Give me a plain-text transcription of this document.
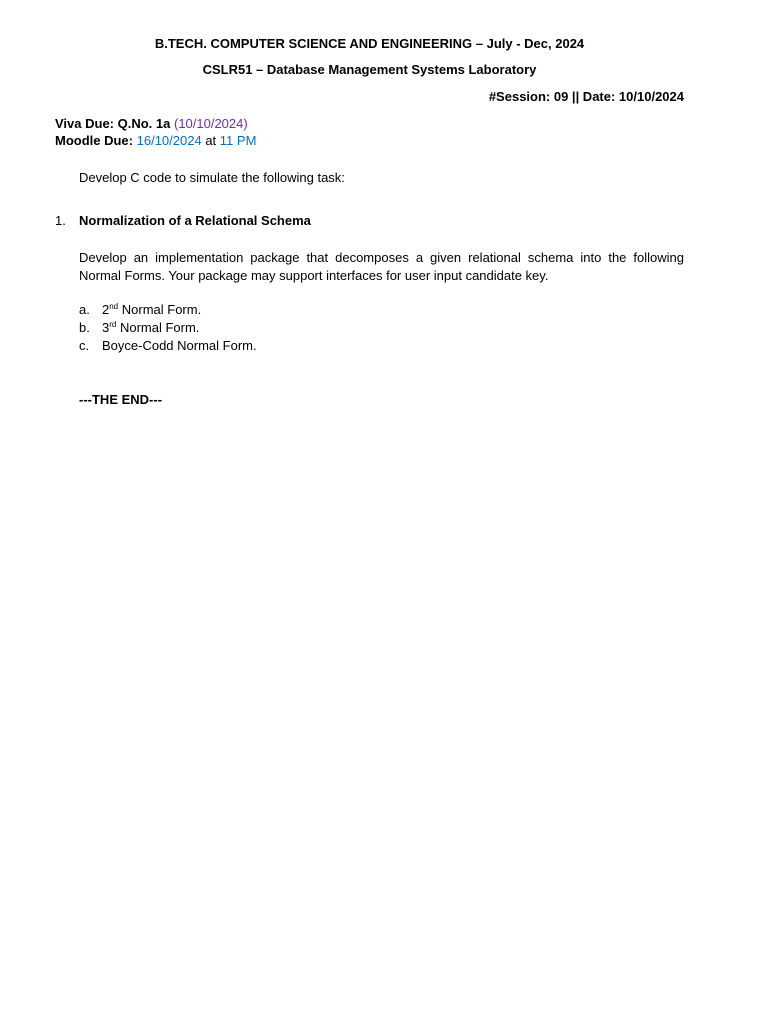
B.TECH. COMPUTER SCIENCE AND ENGINEERING – July - Dec, 2024
CSLR51 – Database Management Systems Laboratory
#Session: 09 || Date: 10/10/2024
Viva Due: Q.No. 1a (10/10/2024)
Moodle Due: 16/10/2024 at 11 PM
Develop C code to simulate the following task:
1. Normalization of a Relational Schema
Develop an implementation package that decomposes a given relational schema into the following Normal Forms. Your package may support interfaces for user input candidate key.
a. 2nd Normal Form.
b. 3rd Normal Form.
c. Boyce-Codd Normal Form.
---THE END---
